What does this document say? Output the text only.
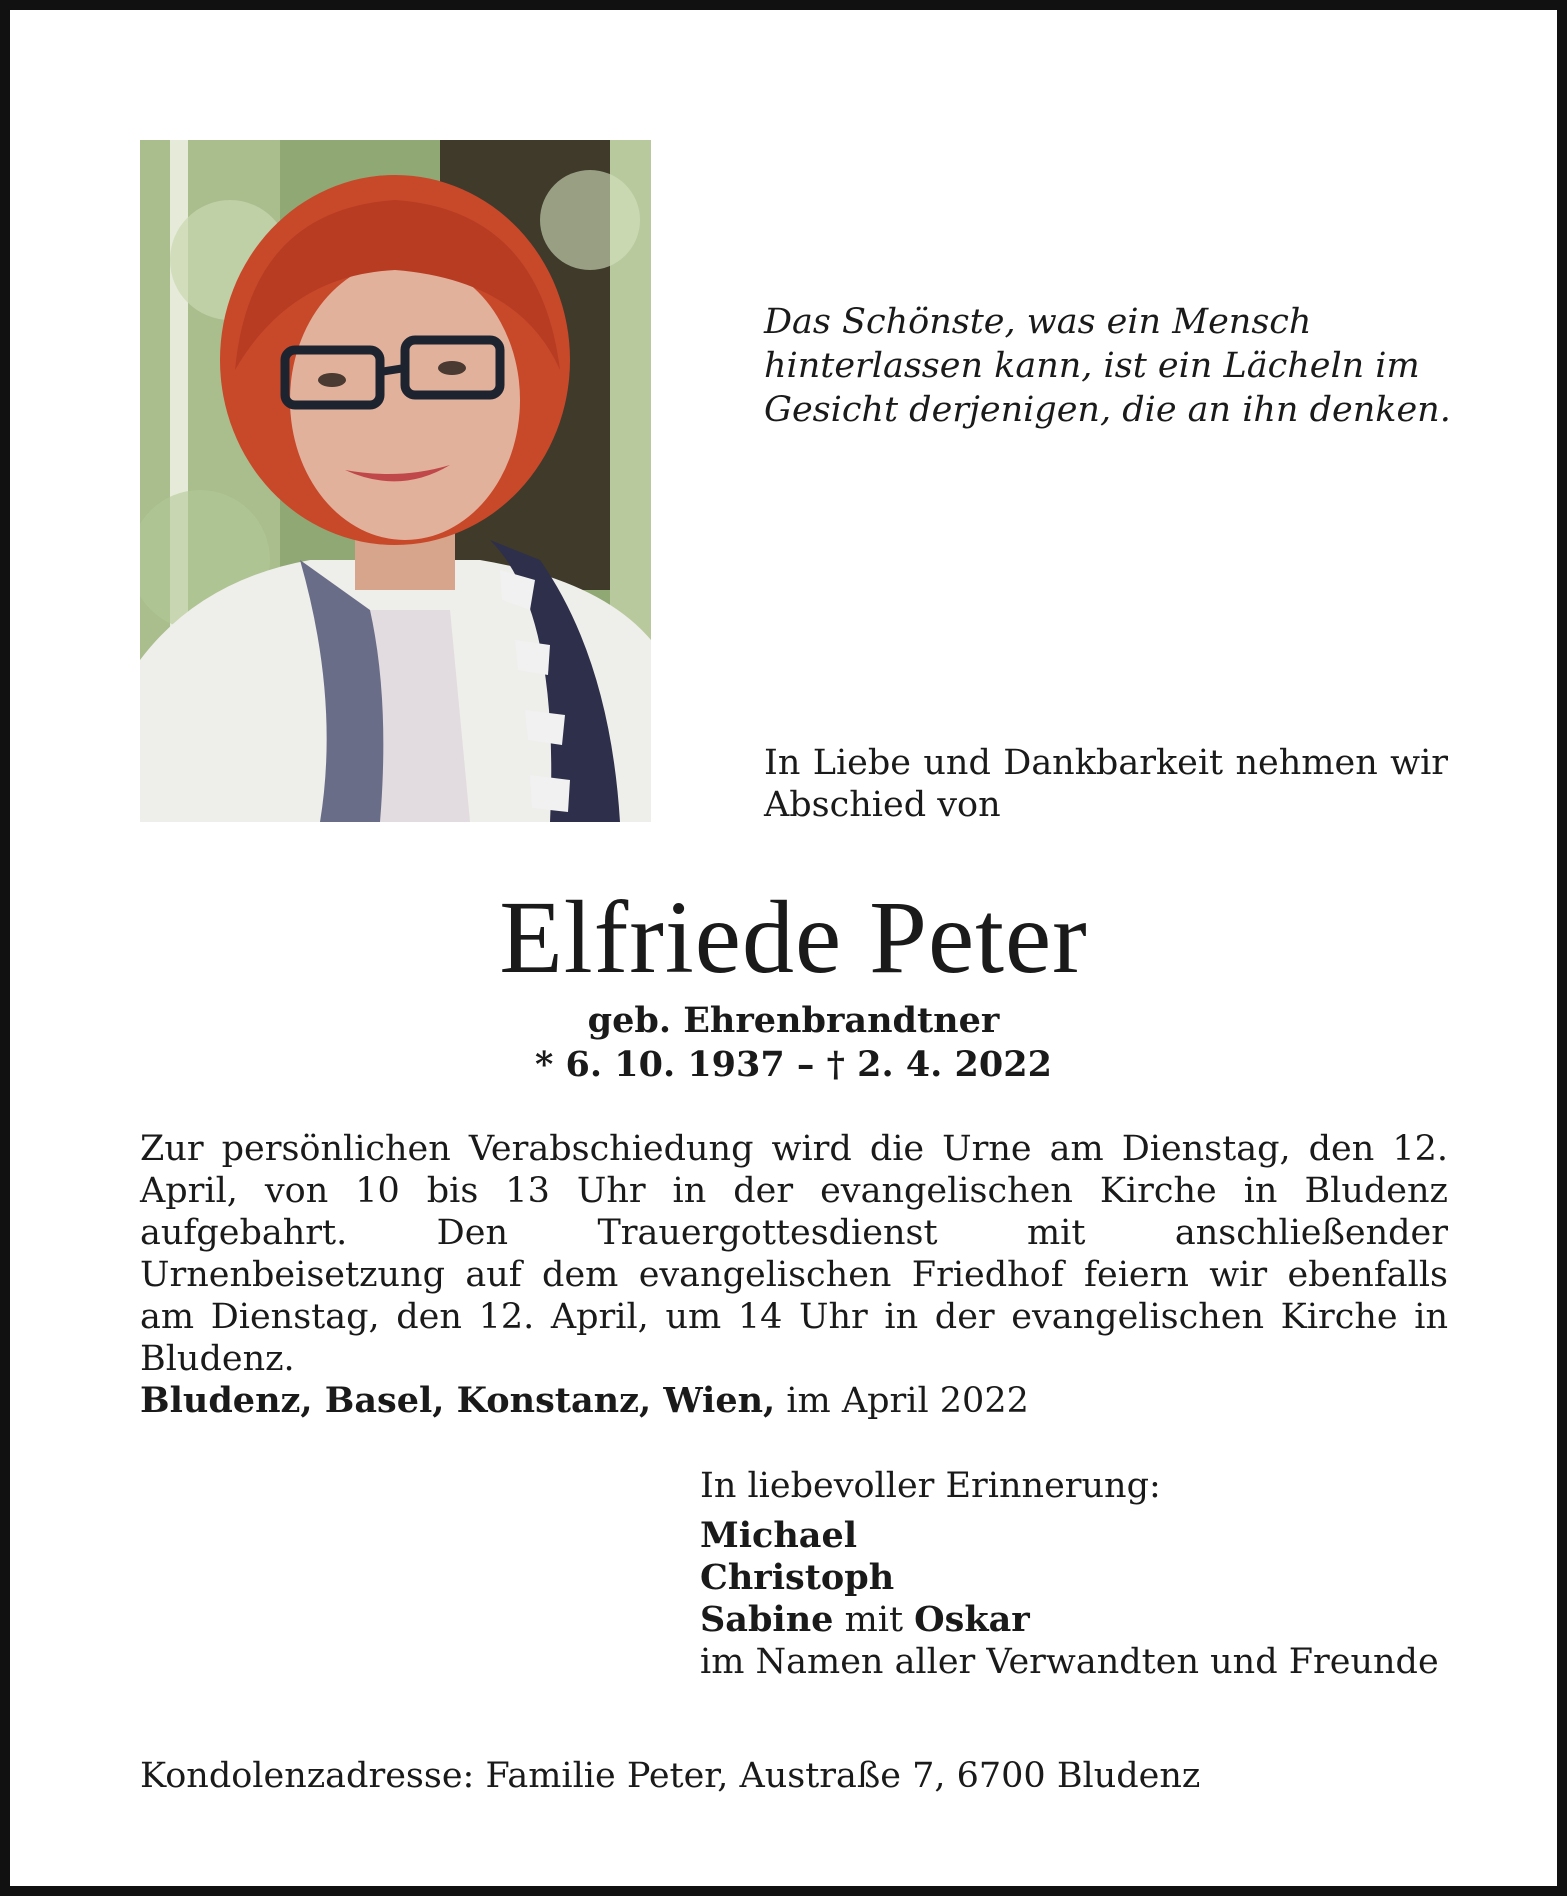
Das Schönste, was ein Mensch
hinterlassen kann, ist ein Lächeln im
Gesicht derjenigen, die an ihn denken.
In Liebe und Dankbarkeit nehmen wir Abschied von
Elfriede Peter
geb. Ehrenbrandtner
* 6. 10. 1937 – † 2. 4. 2022

Zur persönlichen Verabschiedung wird die Urne am Dienstag, den 12. April, von 10 bis 13 Uhr in der evangelischen Kirche in Bludenz aufgebahrt. Den Trauergottesdienst mit anschließender Urnenbeisetzung auf dem evangelischen Friedhof feiern wir ebenfalls am Dienstag, den 12. April, um 14 Uhr in der evangelischen Kirche in Bludenz.

Bludenz, Basel, Konstanz, Wien, im April 2022
In liebevoller Erinnerung:
Michael
Christoph
Sabine mit Oskar
im Namen aller Verwandten und Freunde
Kondolenzadresse: Familie Peter, Austraße 7, 6700 Bludenz
